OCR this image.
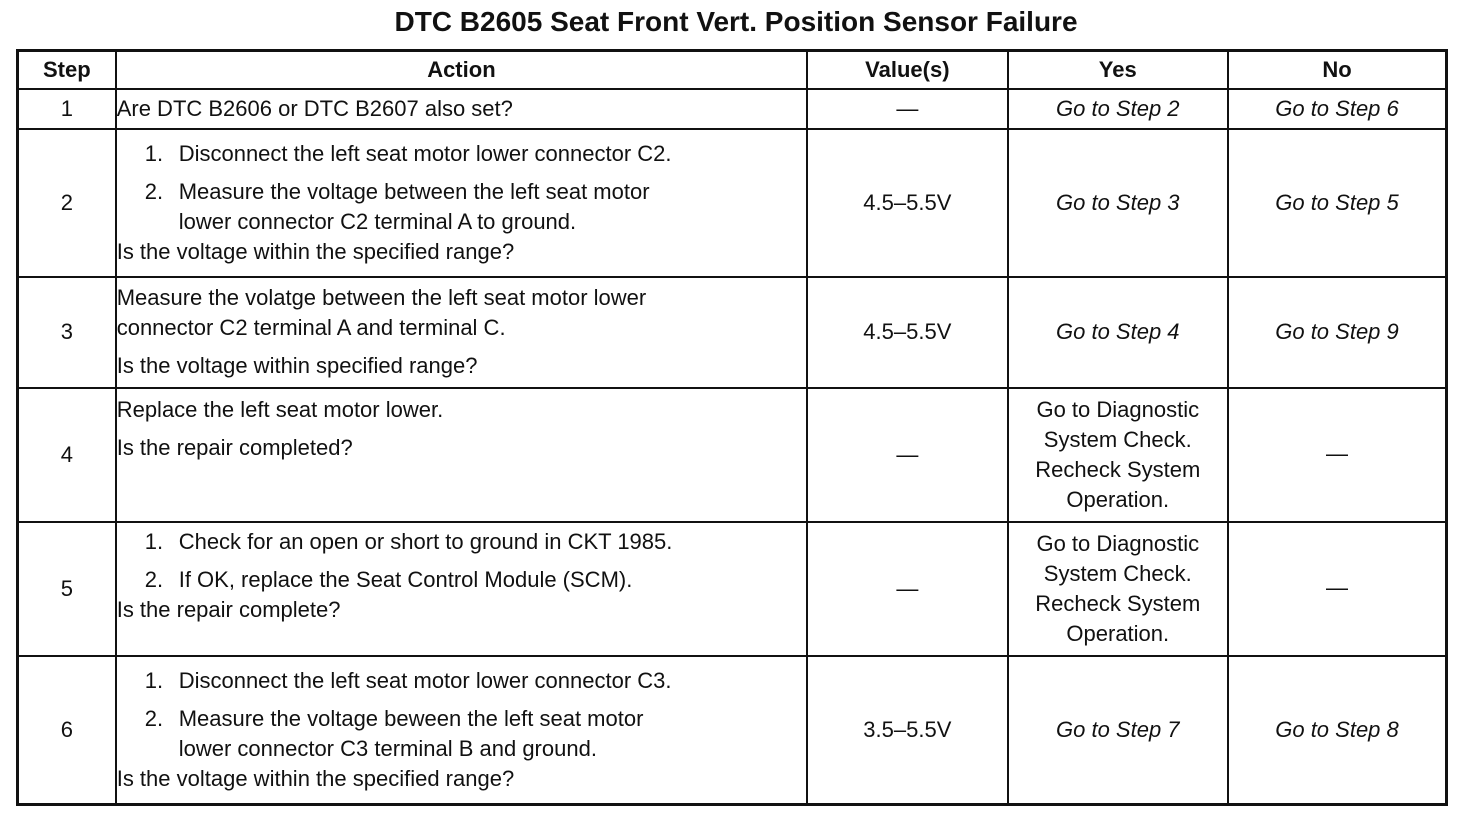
DTC B2605 Seat Front Vert. Position Sensor Failure
Step	Action	Value(s)	Yes	No
1	Are DTC B2606 or DTC B2607 also set?	—	Go to Step 2	Go to Step 6
2	1. Disconnect the left seat motor lower connector C2.
2. Measure the voltage between the left seat motor
lower connector C2 terminal A to ground.
Is the voltage within the specified range?	4.5–5.5V	Go to Step 3	Go to Step 5
3	Measure the volatge between the left seat motor lower
connector C2 terminal A and terminal C.
Is the voltage within specified range?	4.5–5.5V	Go to Step 4	Go to Step 9
4	Replace the left seat motor lower.
Is the repair completed?	—	Go to Diagnostic
System Check.
Recheck System
Operation.	—

5	1. Check for an open or short to ground in CKT 1985.
2. If OK, replace the Seat Control Module (SCM).
Is the repair complete?	—	Go to Diagnostic
System Check.
Recheck System
Operation.	—

6	1. Disconnect the left seat motor lower connector C3.
2. Measure the voltage beween the left seat motor
lower connector C3 terminal B and ground.
Is the voltage within the specified range?	3.5–5.5V	Go to Step 7	Go to Step 8
